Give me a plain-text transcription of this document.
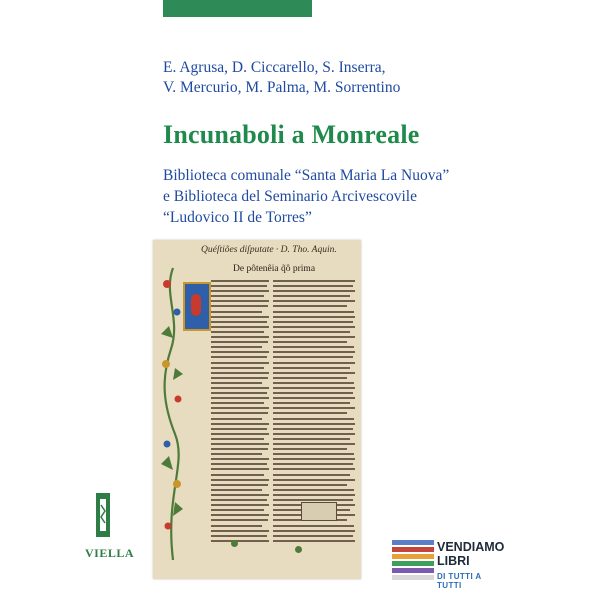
E. Agrusa, D. Ciccarello, S. Inserra,
V. Mercurio, M. Palma, M. Sorrentino
Incunaboli a Monreale
Biblioteca comunale “Santa Maria La Nuova”
e Biblioteca del Seminario Arcivescovile
“Ludovico II de Torres”
Quéſtiões diſputate · D. Tho. Aquin.
De pôtenêia q̃ô prima
VIELLA	VENDIAMO
LIBRI
DI TUTTI A TUTTI
